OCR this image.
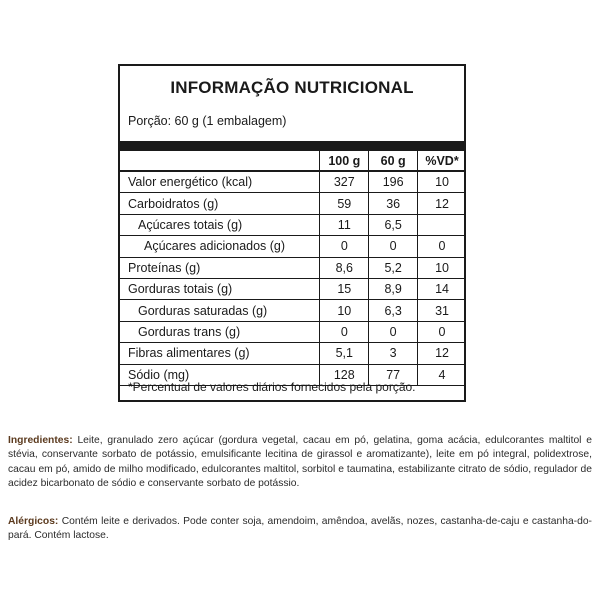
INFORMAÇÃO NUTRICIONAL
Porção: 60 g (1 embalagem)
	100 g	60 g	%VD*

Valor energético (kcal)	327	196	10

Carboidratos (g)	59	36	12

Açúcares totais (g)	11	6,5	

Açúcares adicionados (g)	0	0	0

Proteínas (g)	8,6	5,2	10

Gorduras totais (g)	15	8,9	14

Gorduras saturadas (g)	10	6,3	31

Gorduras trans (g)	0	0	0

Fibras alimentares (g)	5,1	3	12

Sódio (mg)	128	77	4
*Percentual de valores diários fornecidos pela porção.
Ingredientes: Leite, granulado zero açúcar (gordura vegetal, cacau em pó, gelatina, goma acácia, edulcorantes maltitol e stévia, conservante sorbato de potássio, emulsificante lecitina de girassol e aromatizante), leite em pó integral, polidextrose, cacau em pó, amido de milho modificado, edulcorantes maltitol, sorbitol e taumatina, estabilizante citrato de sódio, regulador de acidez bicarbonato de sódio e conservante sorbato de potássio.
Alérgicos: Contém leite e derivados. Pode conter soja, amendoim, amêndoa, avelãs, nozes, castanha-de-caju e castanha-do-pará. Contém lactose.
